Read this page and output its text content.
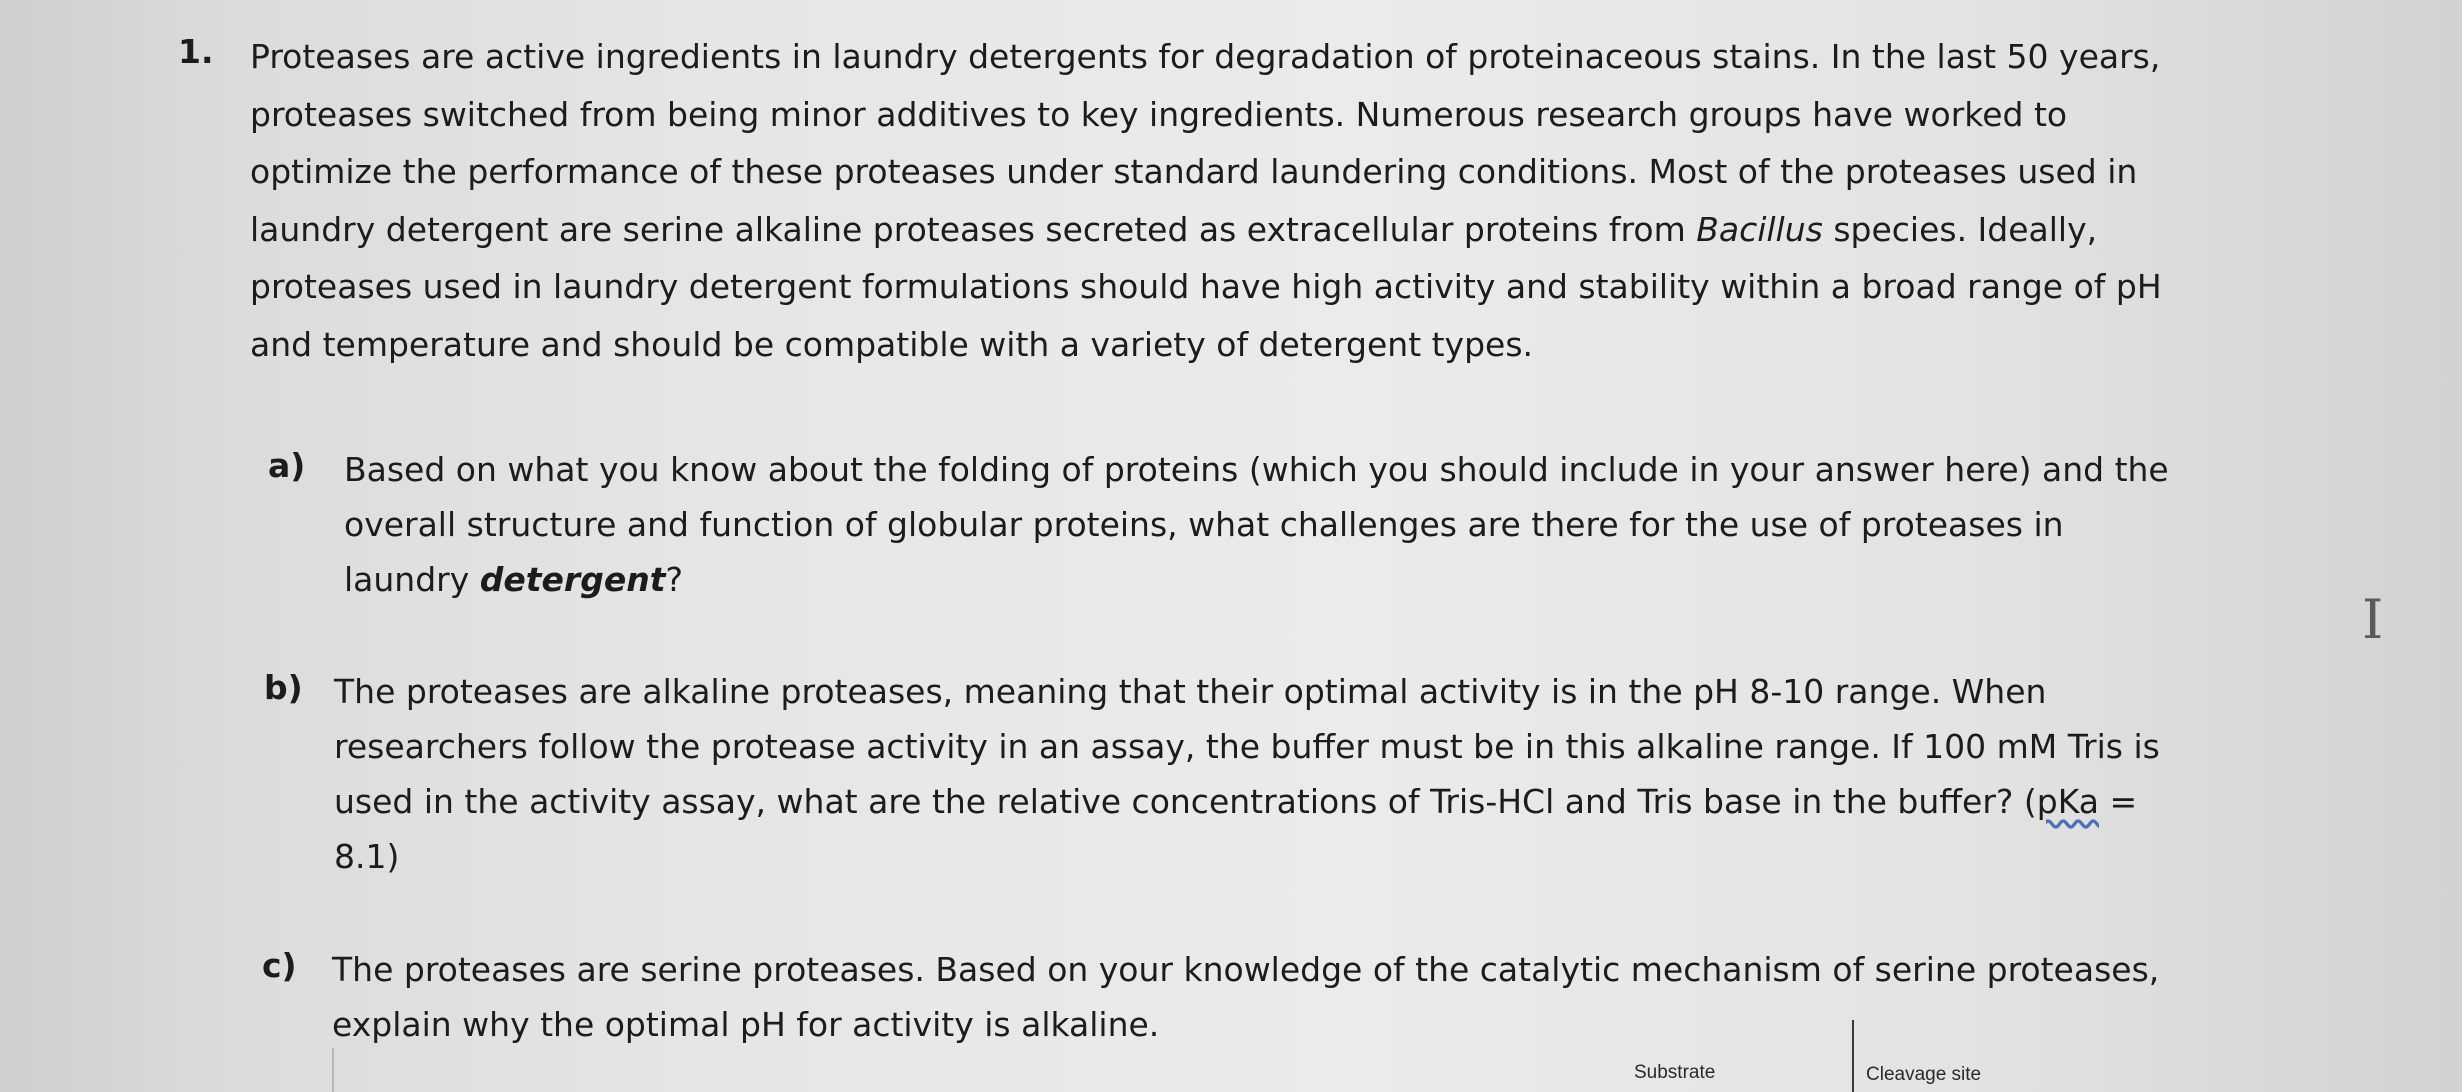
1. Proteases are active ingredients in laundry detergents for degradation of proteinaceous stains. In the last 50 years,
proteases switched from being minor additives to key ingredients. Numerous research groups have worked to
optimize the performance of these proteases under standard laundering conditions. Most of the proteases used in
laundry detergent are serine alkaline proteases secreted as extracellular proteins from Bacillus species. Ideally,
proteases used in laundry detergent formulations should have high activity and stability within a broad range of pH
and temperature and should be compatible with a variety of detergent types.
a) Based on what you know about the folding of proteins (which you should include in your answer here) and the
overall structure and function of globular proteins, what challenges are there for the use of proteases in
laundry detergent?
b) The proteases are alkaline proteases, meaning that their optimal activity is in the pH 8-10 range. When
researchers follow the protease activity in an assay, the buffer must be in this alkaline range. If 100 mM Tris is
used in the activity assay, what are the relative concentrations of Tris-HCl and Tris base in the buffer? (pKa =
8.1)
c) The proteases are serine proteases. Based on your knowledge of the catalytic mechanism of serine proteases,
explain why the optimal pH for activity is alkaline.
Substrate	Cleavage site
I
